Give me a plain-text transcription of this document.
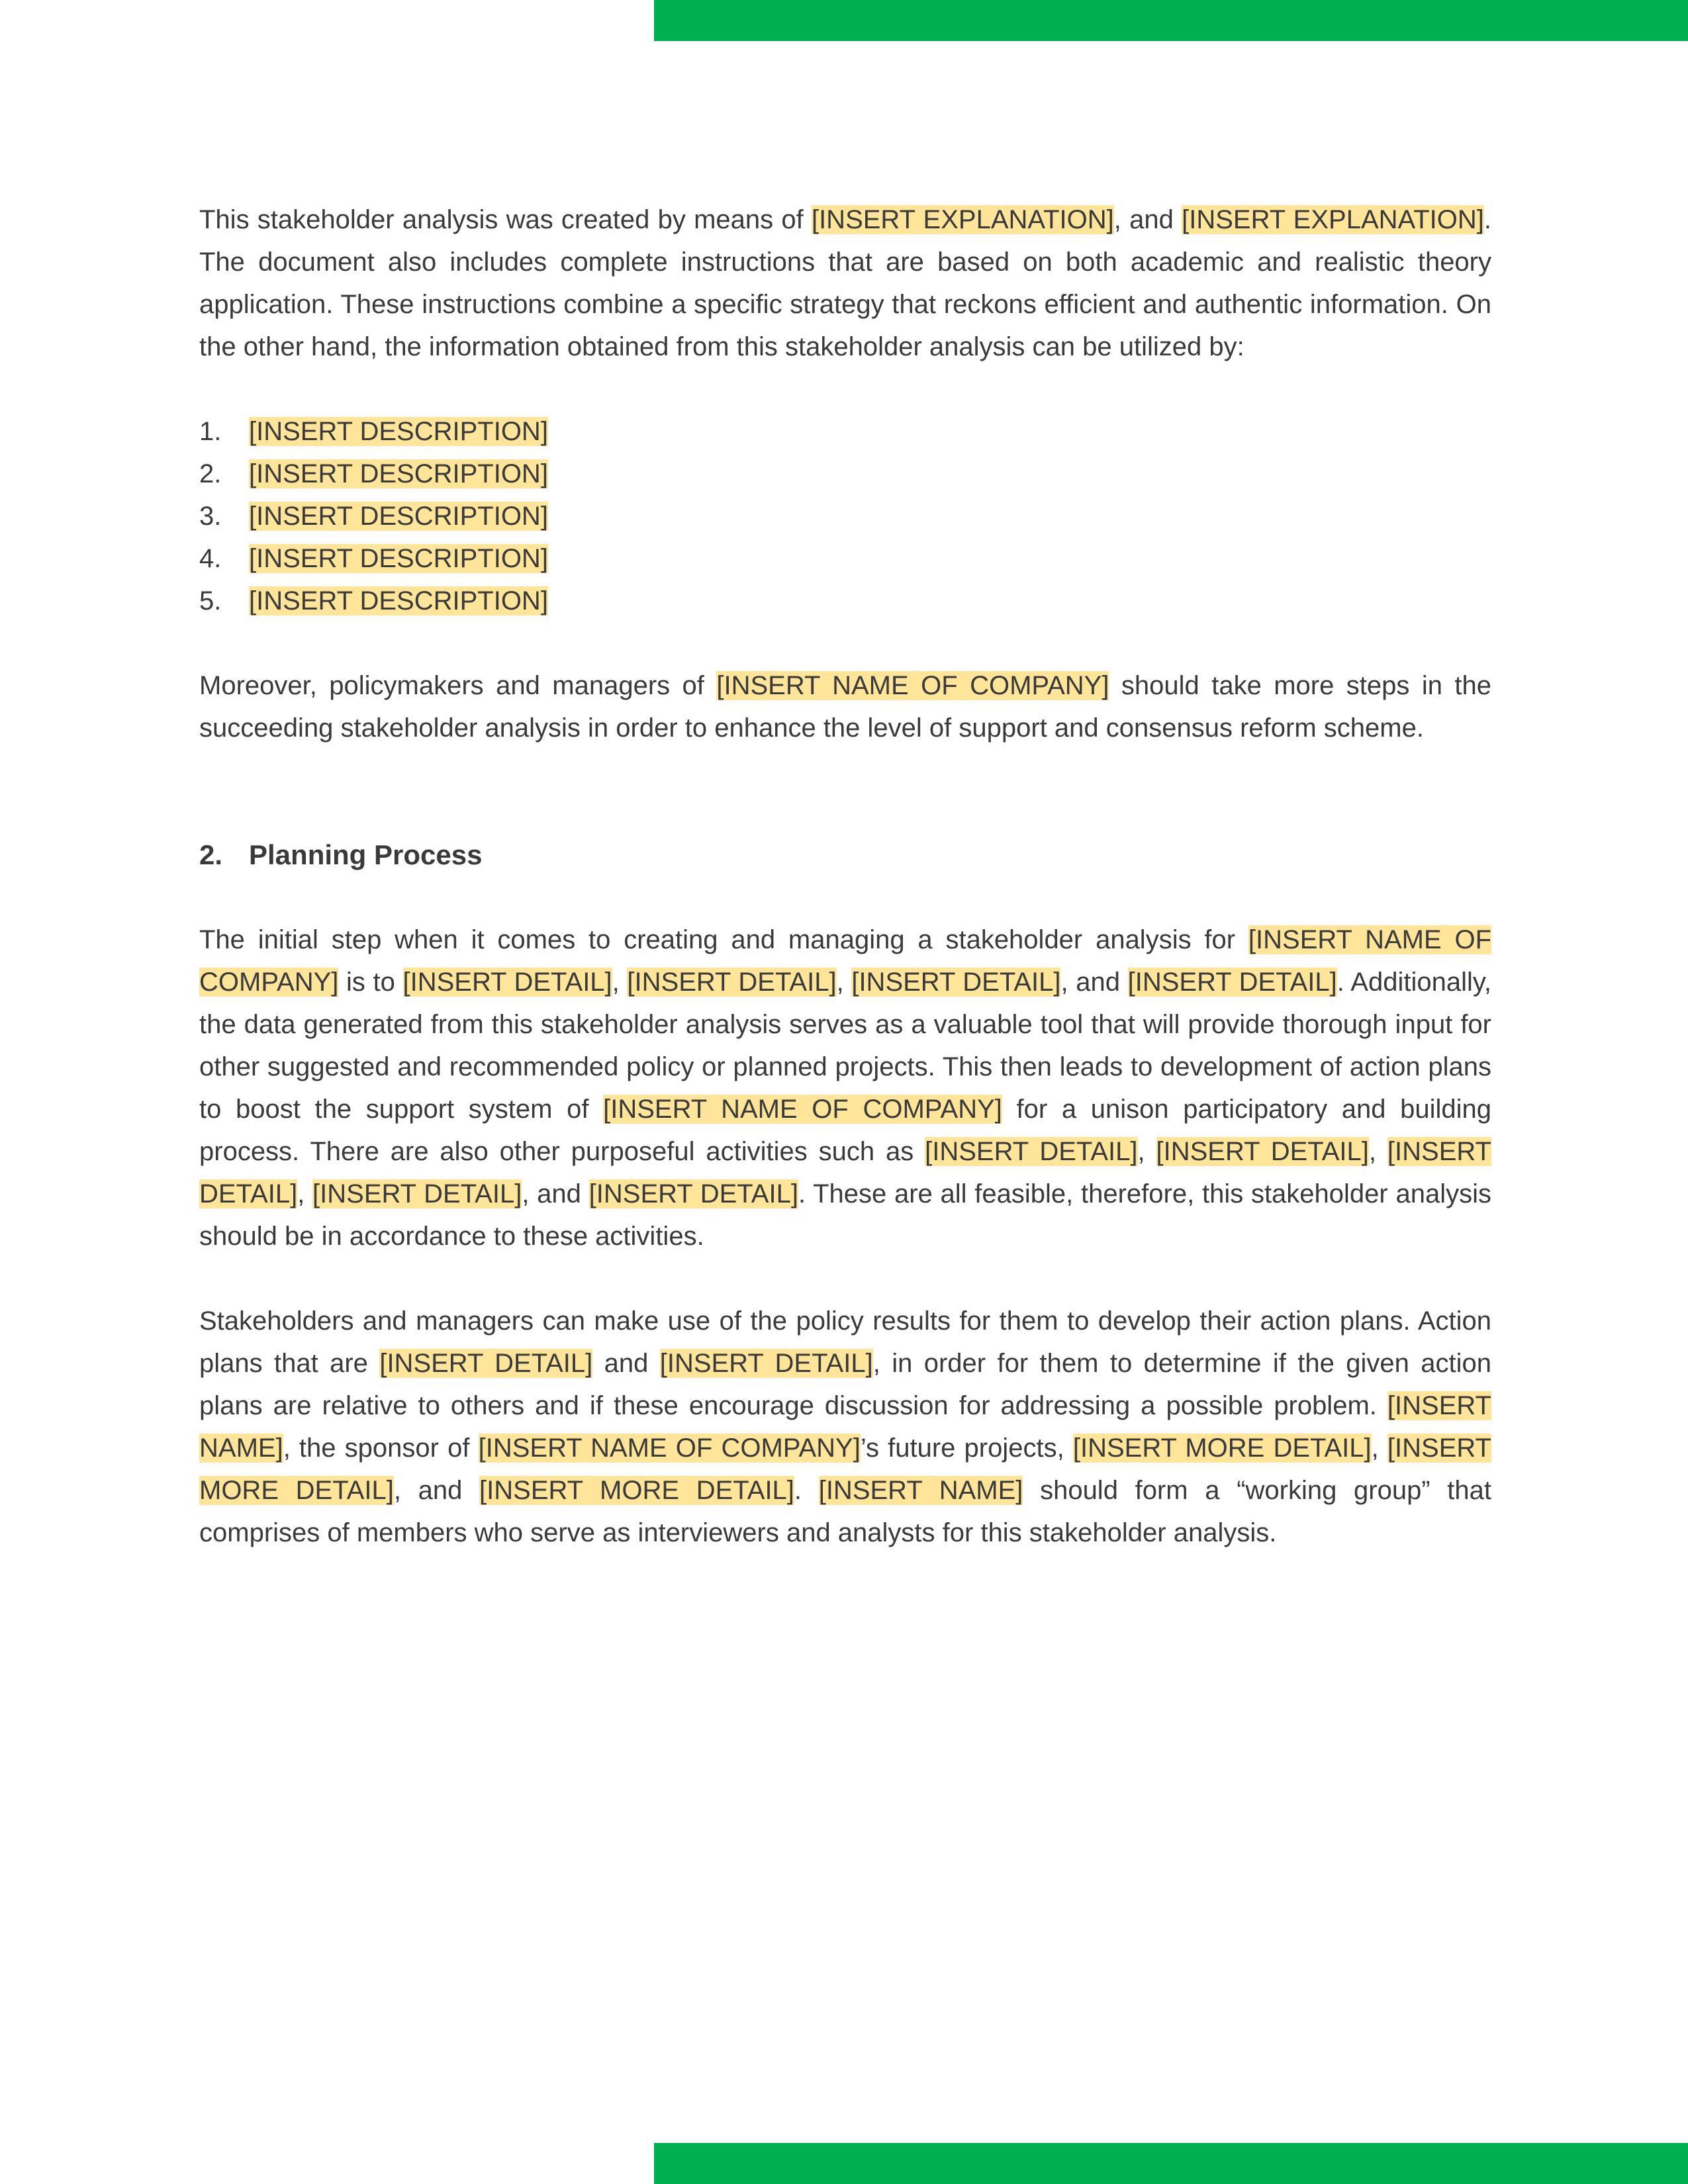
This stakeholder analysis was created by means of [INSERT EXPLANATION], and [INSERT EXPLANATION]. The document also includes complete instructions that are based on both academic and realistic theory application. These instructions combine a specific strategy that reckons efficient and authentic information. On the other hand, the information obtained from this stakeholder analysis can be utilized by:

1.	[INSERT DESCRIPTION]
2.	[INSERT DESCRIPTION]
3.	[INSERT DESCRIPTION]
4.	[INSERT DESCRIPTION]
5.	[INSERT DESCRIPTION]

Moreover, policymakers and managers of [INSERT NAME OF COMPANY] should take more steps in the succeeding stakeholder analysis in order to enhance the level of support and consensus reform scheme.

2. Planning Process

The initial step when it comes to creating and managing a stakeholder analysis for [INSERT NAME OF COMPANY] is to [INSERT DETAIL], [INSERT DETAIL], [INSERT DETAIL], and [INSERT DETAIL]. Additionally, the data generated from this stakeholder analysis serves as a valuable tool that will provide thorough input for other suggested and recommended policy or planned projects. This then leads to development of action plans to boost the support system of [INSERT NAME OF COMPANY] for a unison participatory and building process. There are also other purposeful activities such as [INSERT DETAIL], [INSERT DETAIL], [INSERT DETAIL], [INSERT DETAIL], and [INSERT DETAIL]. These are all feasible, therefore, this stakeholder analysis should be in accordance to these activities.

Stakeholders and managers can make use of the policy results for them to develop their action plans. Action plans that are [INSERT DETAIL] and [INSERT DETAIL], in order for them to determine if the given action plans are relative to others and if these encourage discussion for addressing a possible problem. [INSERT NAME], the sponsor of [INSERT NAME OF COMPANY]’s future projects, [INSERT MORE DETAIL], [INSERT MORE DETAIL], and [INSERT MORE DETAIL]. [INSERT NAME] should form a “working group” that comprises of members who serve as interviewers and analysts for this stakeholder analysis.
